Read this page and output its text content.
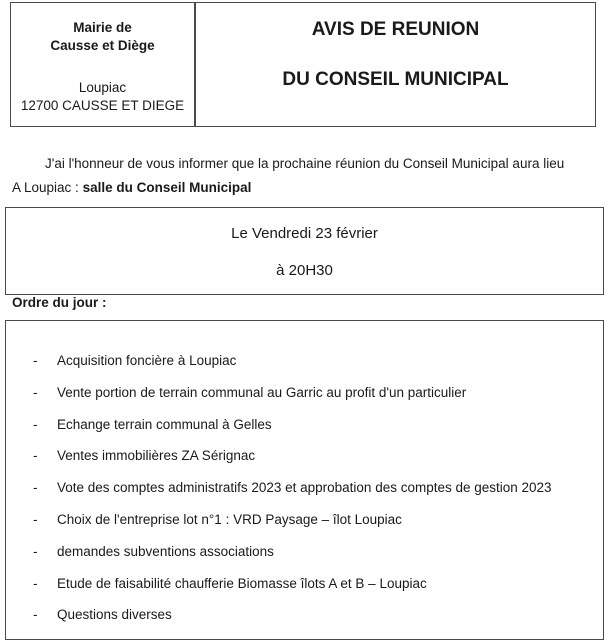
Mairie de
Causse et Diège
Loupiac
12700 CAUSSE ET DIEGE
AVIS DE REUNION
DU CONSEIL MUNICIPAL
J'ai l'honneur de vous informer que la prochaine réunion du Conseil Municipal aura lieu
A Loupiac : salle du Conseil Municipal
Le Vendredi 23 février
à 20H30
Ordre du jour :
- Acquisition foncière à Loupiac
- Vente portion de terrain communal au Garric au profit d'un particulier
- Echange terrain communal à Gelles
- Ventes immobilières ZA Sérignac
- Vote des comptes administratifs 2023 et approbation des comptes de gestion 2023
- Choix de l'entreprise lot n°1 : VRD Paysage – îlot Loupiac
- demandes subventions associations
- Etude de faisabilité chaufferie Biomasse îlots A et B – Loupiac
- Questions diverses
